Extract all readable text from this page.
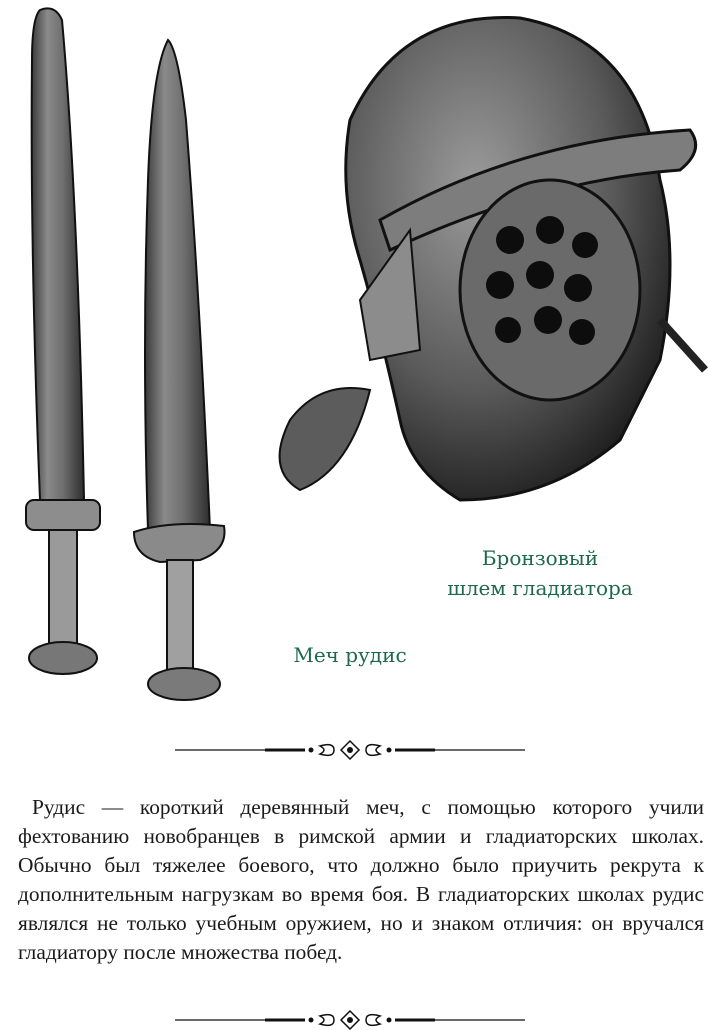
Бронзовый
шлем гладиатора
Меч рудис

Рудис — короткий деревянный меч, с помощью которого учили фехтованию новобранцев в римской армии и гладиаторских школах. Обычно был тяжелее боевого, что должно было приучить рекрута к дополнительным нагрузкам во время боя. В гладиаторских школах рудис являлся не только учебным оружием, но и знаком отличия: он вручался гладиатору после множества побед.
